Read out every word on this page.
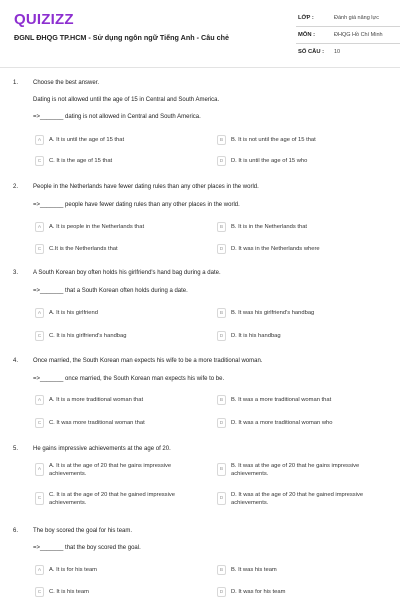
QUIZIZZ
ĐGNL ĐHQG TP.HCM - Sử dụng ngôn ngữ Tiếng Anh - Câu chẻ
LỚP :	Đánh giá năng lực
MÔN :	ĐHQG Hồ Chí Minh
SỐ CÂU : 10
1. Choose the best answer.
Dating is not allowed until the age of 15 in Central and South America.
=>_______ dating is not allowed in Central and South America.
A	A. It is until the age of 15 that	B	B. It is not until the age of 15 that
C	C. It is the age of 15 that	D	D. It is until the age of 15 who
2. People in the Netherlands have fewer dating rules than any other places in the world.
=>_______ people have fewer dating rules than any other places in the world.
A	A. It is people in the Netherlands that	B	B. It is in the Netherlands that
C	C.It is the Netherlands that	D	D. It was in the Netherlands where
3. A South Korean boy often holds his girlfriend's hand bag during a date.
=>_______ that a South Korean often holds during a date.
A	A. It is his girlfriend	B	B. It was his girlfriend's handbag
C	C. It is his girlfriend's handbag	D	D. It is his handbag
4. Once married, the South Korean man expects his wife to be a more traditional woman.
=>_______ once married, the South Korean man expects his wife to be.
A	A. It is a more traditional woman that	B	B. It was a more traditional woman that
C	C. It was more traditional woman that	D	D. It was a more traditional woman who
5. He gains impressive achievements at the age of 20.
A
A. It is at the age of 20 that he gains impressive achievements.
B
B. It was at the age of 20 that he gains impressive achievements.
C
C. It is at the age of 20 that he gained impressive achievements.
D
D. It was at the age of 20 that he gained impressive achievements.
6. The boy scored the goal for his team.
=>_______ that the boy scored the goal.
A	A. It is for his team	B	B. It was his team
C	C. It is his team	D	D. It was for his team
